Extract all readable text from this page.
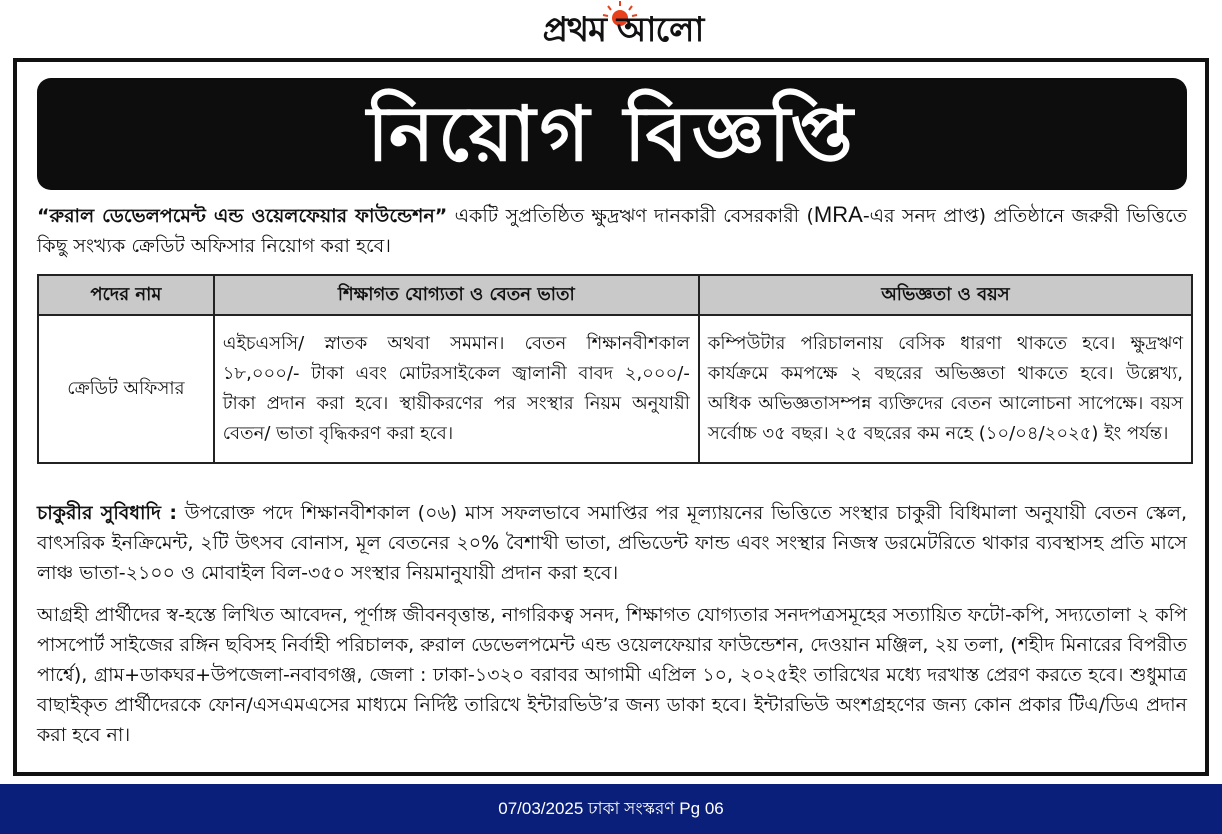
প্রথম আলো
নিয়োগ বিজ্ঞপ্তি

“রুরাল ডেভেলপমেন্ট এন্ড ওয়েলফেয়ার ফাউন্ডেশন” একটি সুপ্রতিষ্ঠিত ক্ষুদ্রঋণ দানকারী বেসরকারী (MRA-এর সনদ প্রাপ্ত) প্রতিষ্ঠানে জরুরী ভিত্তিতে কিছু সংখ্যক ক্রেডিট অফিসার নিয়োগ করা হবে।

পদের নাম	শিক্ষাগত যোগ্যতা ও বেতন ভাতা	অভিজ্ঞতা ও বয়স
ক্রেডিট অফিসার	এইচএসসি/ স্নাতক অথবা সমমান। বেতন শিক্ষানবীশকাল ১৮,০০০/- টাকা এবং মোটরসাইকেল জ্বালানী বাবদ ২,০০০/- টাকা প্রদান করা হবে। স্থায়ীকরণের পর সংস্থার নিয়ম অনুযায়ী বেতন/ ভাতা বৃদ্ধিকরণ করা হবে।	কম্পিউটার পরিচালনায় বেসিক ধারণা থাকতে হবে। ক্ষুদ্রঋণ কার্যক্রমে কমপক্ষে ২ বছরের অভিজ্ঞতা থাকতে হবে। উল্লেখ্য, অধিক অভিজ্ঞতাসম্পন্ন ব্যক্তিদের বেতন আলোচনা সাপেক্ষে। বয়স সর্বোচ্চ ৩৫ বছর। ২৫ বছরের কম নহে (১০/০৪/২০২৫) ইং পর্যন্ত।

চাকুরীর সুবিধাদি : উপরোক্ত পদে শিক্ষানবীশকাল (০৬) মাস সফলভাবে সমাপ্তির পর মূল্যায়নের ভিত্তিতে সংস্থার চাকুরী বিধিমালা অনুযায়ী বেতন স্কেল, বাৎসরিক ইনক্রিমেন্ট, ২টি উৎসব বোনাস, মূল বেতনের ২০% বৈশাখী ভাতা, প্রভিডেন্ট ফান্ড এবং সংস্থার নিজস্ব ডরমেটরিতে থাকার ব্যবস্থাসহ প্রতি মাসে লাঞ্চ ভাতা-২১০০ ও মোবাইল বিল-৩৫০ সংস্থার নিয়মানুযায়ী প্রদান করা হবে।

আগ্রহী প্রার্থীদের স্ব-হস্তে লিখিত আবেদন, পূর্ণাঙ্গ জীবনবৃত্তান্ত, নাগরিকত্ব সনদ, শিক্ষাগত যোগ্যতার সনদপত্রসমূহের সত্যায়িত ফটো-কপি, সদ্যতোলা ২ কপি পাসপোর্ট সাইজের রঙ্গিন ছবিসহ নির্বাহী পরিচালক, রুরাল ডেভেলপমেন্ট এন্ড ওয়েলফেয়ার ফাউন্ডেশন, দেওয়ান মঞ্জিল, ২য় তলা, (শহীদ মিনারের বিপরীত পার্শ্বে), গ্রাম+ডাকঘর+উপজেলা-নবাবগঞ্জ, জেলা : ঢাকা-১৩২০ বরাবর আগামী এপ্রিল ১০, ২০২৫ইং তারিখের মধ্যে দরখাস্ত প্রেরণ করতে হবে। শুধুমাত্র বাছাইকৃত প্রার্থীদেরকে ফোন/এসএমএসের মাধ্যমে নির্দিষ্ট তারিখে ইন্টারভিউ’র জন্য ডাকা হবে। ইন্টারভিউ অংশগ্রহণের জন্য কোন প্রকার টিএ/ডিএ প্রদান করা হবে না।

07/03/2025 ঢাকা সংস্করণ Pg 06
